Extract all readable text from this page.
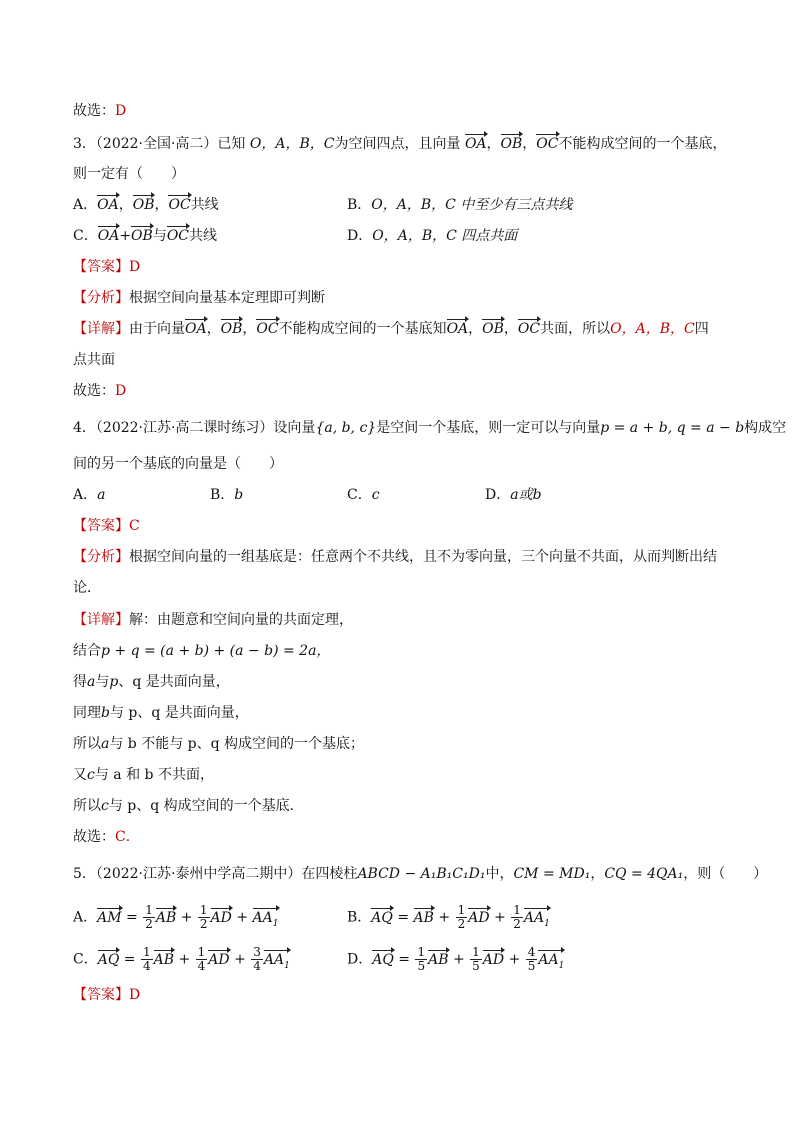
故选：D
3．（2022·全国·高二）已知 O，A，B，C为空间四点，且向量 OA，OB，OC不能构成空间的一个基底，
则一定有（　　）
A．OA，OB，OC共线	B．O，A，B，C 中至少有三点共线
C．OA+OB与OC共线	D．O，A，B，C 四点共面
【答案】D
【分析】根据空间向量基本定理即可判断
【详解】由于向量OA，OB，OC不能构成空间的一个基底知OA，OB，OC共面，所以O，A，B，C四
点共面
故选：D
4．（2022·江苏·高二课时练习）设向量{a, b, c}是空间一个基底，则一定可以与向量p = a + b, q = a − b构成空
间的另一个基底的向量是（　　）
A．a	B．b	C．c	D．a或b
【答案】C
【分析】根据空间向量的一组基底是：任意两个不共线，且不为零向量，三个向量不共面，从而判断出结
论．
【详解】解：由题意和空间向量的共面定理，
结合p + q = (a + b) + (a − b) = 2a，
得a与p、q 是共面向量，
同理b与 p、q 是共面向量，
所以a与 b 不能与 p、q 构成空间的一个基底；
又c与 a 和 b 不共面，
所以c与 p、q 构成空间的一个基底．
故选：C．
5．（2022·江苏·泰州中学高二期中）在四棱柱ABCD − A₁B₁C₁D₁中，CM = MD₁，CQ = 4QA₁，则（　　）
A．AM = $\frac{1}{2}$ AB + $\frac{1}{2}$ AD + $AA_1$	B．AQ = AB + $\frac{1}{2}$ AD + $\frac{1}{2} AA_1$
C．AQ = $\frac{1}{4}$ AB + $\frac{1}{4}$ AD + $\frac{3}{4} AA_1$	D．AQ = $\frac{1}{5}$ AB + $\frac{1}{5}$ AD + $\frac{4}{5} AA_1$
【答案】D
